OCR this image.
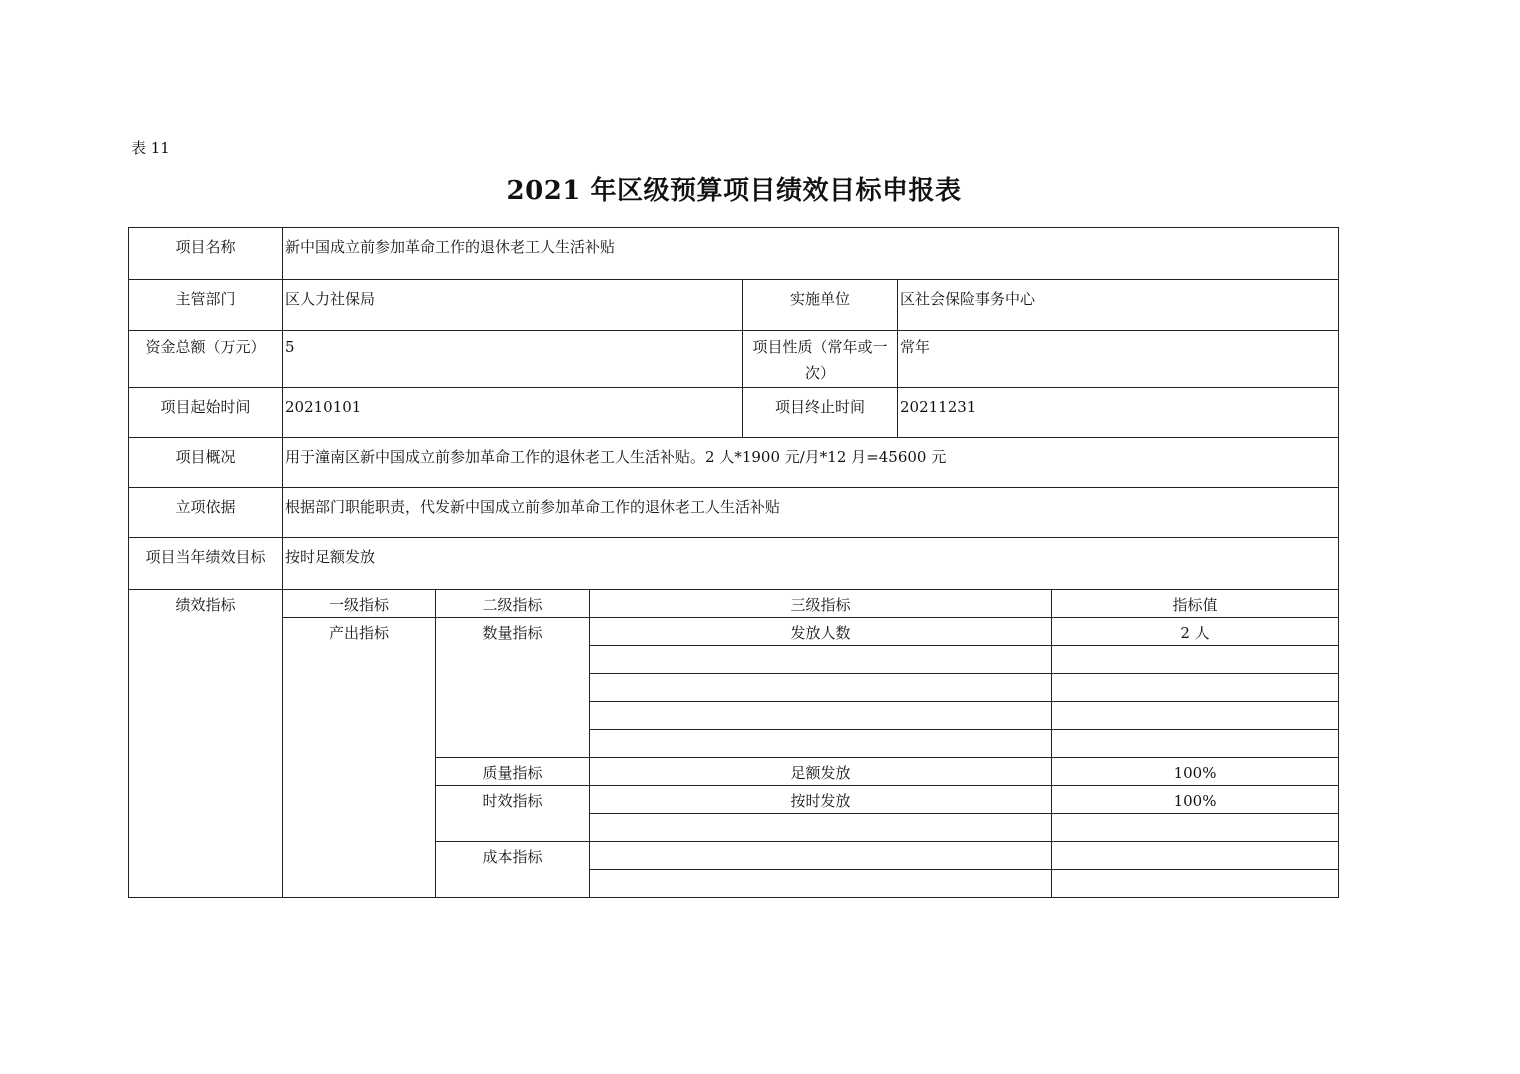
表 11
2021 年区级预算项目绩效目标申报表
项目名称	新中国成立前参加革命工作的退休老工人生活补贴					
主管部门	区人力社保局			实施单位	区社会保险事务中心	
资金总额（万元）	5			项目性质（常年或一次）	常年	
项目起始时间	20210101			项目终止时间	20211231	
项目概况	用于潼南区新中国成立前参加革命工作的退休老工人生活补贴。2 人*1900 元/月*12 月=45600 元					
立项依据	根据部门职能职责，代发新中国成立前参加革命工作的退休老工人生活补贴					
项目当年绩效目标	按时足额发放					
绩效指标	一级指标	二级指标	三级指标			指标值
	产出指标	数量指标	发放人数			2 人

		质量指标	足额发放			100%
		时效指标	按时发放			100%

		成本指标				
